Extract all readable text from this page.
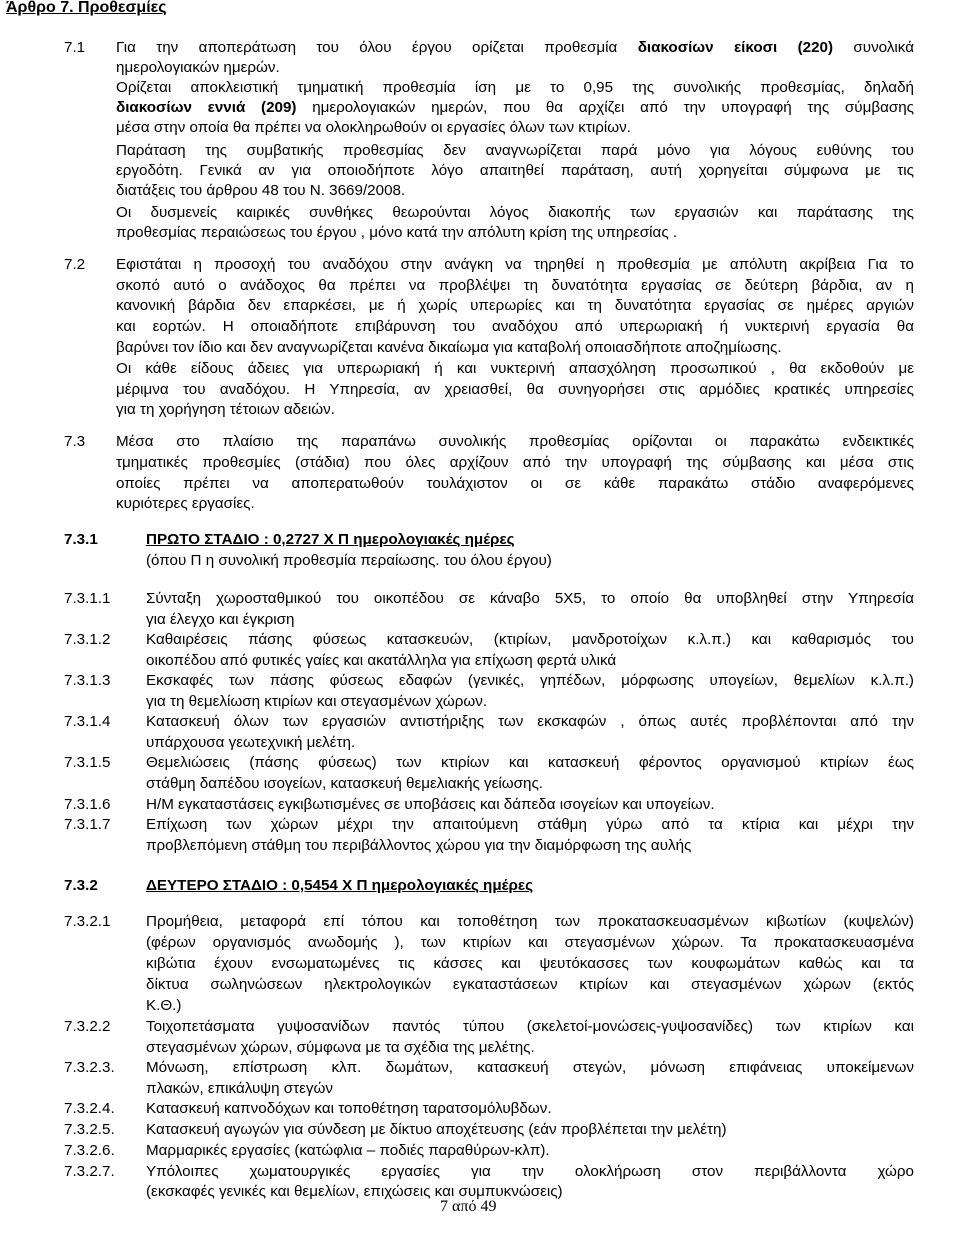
Άρθρο 7. Προθεσμίες
7.1 Για την αποπεράτωση του όλου έργου ορίζεται προθεσμία διακοσίων είκοσι (220) συνολικά
ημερολογιακών ημερών.
Ορίζεται αποκλειστική τμηματική προθεσμία ίση με το 0,95 της συνολικής προθεσμίας, δηλαδή
διακοσίων εννιά (209) ημερολογιακών ημερών, που θα αρχίζει από την υπογραφή της σύμβασης
μέσα στην οποία θα πρέπει να ολοκληρωθούν οι εργασίες όλων των κτιρίων.
Παράταση της συμβατικής προθεσμίας δεν αναγνωρίζεται παρά μόνο για λόγους ευθύνης του
εργοδότη. Γενικά αν για οποιοδήποτε λόγο απαιτηθεί παράταση, αυτή χορηγείται σύμφωνα με τις
διατάξεις του άρθρου 48 του Ν. 3669/2008.
Οι δυσμενείς καιρικές συνθήκες θεωρούνται λόγος διακοπής των εργασιών και παράτασης της
προθεσμίας περαιώσεως του έργου , μόνο κατά την απόλυτη κρίση της υπηρεσίας .
7.2 Εφιστάται η προσοχή του αναδόχου στην ανάγκη να τηρηθεί η προθεσμία με απόλυτη ακρίβεια Για το
σκοπό αυτό ο ανάδοχος θα πρέπει να προβλέψει τη δυνατότητα εργασίας σε δεύτερη βάρδια, αν η
κανονική βάρδια δεν επαρκέσει, με ή χωρίς υπερωρίες και τη δυνατότητα εργασίας σε ημέρες αργιών
και εορτών. Η οποιαδήποτε επιβάρυνση του αναδόχου από υπερωριακή ή νυκτερινή εργασία θα
βαρύνει τον ίδιο και δεν αναγνωρίζεται κανένα δικαίωμα για καταβολή οποιασδήποτε αποζημίωσης.
Οι κάθε είδους άδειες για υπερωριακή ή και νυκτερινή απασχόληση προσωπικού , θα εκδοθούν με
μέριμνα του αναδόχου. Η Υπηρεσία, αν χρειασθεί, θα συνηγορήσει στις αρμόδιες κρατικές υπηρεσίες
για τη χορήγηση τέτοιων αδειών.
7.3 Μέσα στο πλαίσιο της παραπάνω συνολικής προθεσμίας ορίζονται οι παρακάτω ενδεικτικές
τμηματικές προθεσμίες (στάδια) που όλες αρχίζουν από την υπογραφή της σύμβασης και μέσα στις
οποίες πρέπει να αποπερατωθούν τουλάχιστον οι σε κάθε παρακάτω στάδιο αναφερόμενες
κυριότερες εργασίες.
7.3.1	ΠΡΩΤΟ ΣΤΑΔΙΟ : 0,2727 Χ Π ημερολογιακές ημέρες
(όπου Π η συνολική προθεσμία περαίωσης. του όλου έργου)
7.3.1.1 Σύνταξη χωροσταθμικού του οικοπέδου σε κάναβο 5Χ5, το οποίο θα υποβληθεί στην Υπηρεσία
για έλεγχο και έγκριση
7.3.1.2 Καθαιρέσεις πάσης φύσεως κατασκευών, (κτιρίων, μανδροτοίχων κ.λ.π.) και καθαρισμός του
οικοπέδου από φυτικές γαίες και ακατάλληλα για επίχωση φερτά υλικά
7.3.1.3 Εκσκαφές των πάσης φύσεως εδαφών (γενικές, γηπέδων, μόρφωσης υπογείων, θεμελίων κ.λ.π.)
για τη θεμελίωση κτιρίων και στεγασμένων χώρων.
7.3.1.4 Κατασκευή όλων των εργασιών αντιστήριξης των εκσκαφών , όπως αυτές προβλέπονται από την
υπάρχουσα γεωτεχνική μελέτη.
7.3.1.5 Θεμελιώσεις (πάσης φύσεως) των κτιρίων και κατασκευή φέροντος οργανισμού κτιρίων έως
στάθμη δαπέδου ισογείων, κατασκευή θεμελιακής γείωσης.
7.3.1.6 Η/Μ εγκαταστάσεις εγκιβωτισμένες σε υποβάσεις και δάπεδα ισογείων και υπογείων.
7.3.1.7 Επίχωση των χώρων μέχρι την απαιτούμενη στάθμη γύρω από τα κτίρια και μέχρι την
προβλεπόμενη στάθμη του περιβάλλοντος χώρου για την διαμόρφωση της αυλής
7.3.2	ΔΕΥΤΕΡΟ ΣΤΑΔΙΟ : 0,5454 Χ Π ημερολογιακές ημέρες
7.3.2.1 Προμήθεια, μεταφορά επί τόπου και τοποθέτηση των προκατασκευασμένων κιβωτίων (κυψελών)
(φέρων οργανισμός ανωδομής ), των κτιρίων και στεγασμένων χώρων. Τα προκατασκευασμένα
κιβώτια έχουν ενσωματωμένες τις κάσσες και ψευτόκασσες των κουφωμάτων καθώς και τα
δίκτυα σωληνώσεων ηλεκτρολογικών εγκαταστάσεων κτιρίων και στεγασμένων χώρων (εκτός
Κ.Θ.)
7.3.2.2 Τοιχοπετάσματα γυψοσανίδων παντός τύπου (σκελετοί-μονώσεις-γυψοσανίδες) των κτιρίων και
στεγασμένων χώρων, σύμφωνα με τα σχέδια της μελέτης.
7.3.2.3. Μόνωση, επίστρωση κλπ. δωμάτων, κατασκευή στεγών, μόνωση επιφάνειας υποκείμενων
πλακών, επικάλυψη στεγών
7.3.2.4. Κατασκευή καπνοδόχων και τοποθέτηση ταρατσομόλυβδων.
7.3.2.5. Κατασκευή αγωγών για σύνδεση με δίκτυο αποχέτευσης (εάν προβλέπεται την μελέτη)
7.3.2.6. Μαρμαρικές εργασίες (κατώφλια – ποδιές παραθύρων-κλπ).
7.3.2.7. Υπόλοιπες χωματουργικές εργασίες για την ολοκλήρωση στον περιβάλλοντα χώρο
(εκσκαφές γενικές και θεμελίων, επιχώσεις και συμπυκνώσεις)
7 από 49
